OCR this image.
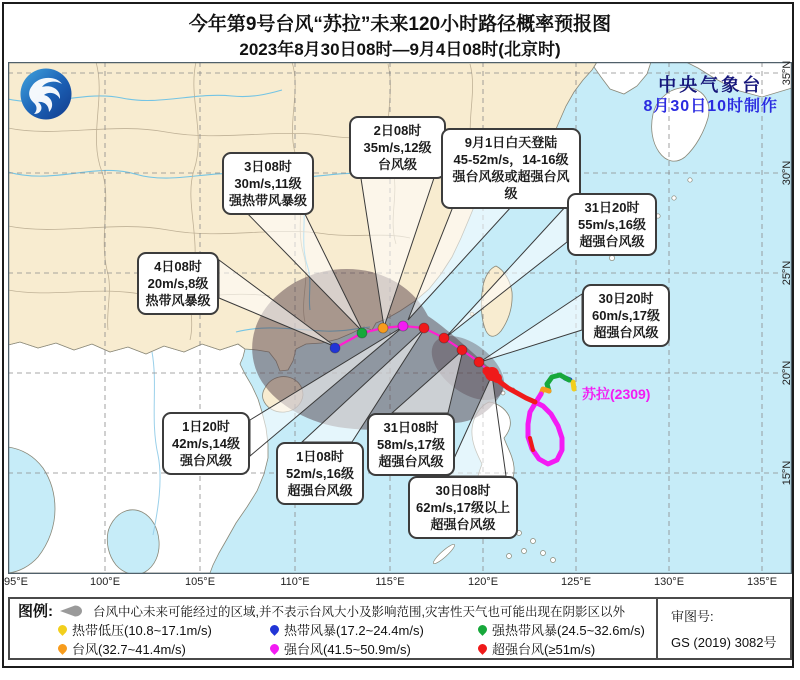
今年第9号台风“苏拉”未来120小时路径概率预报图
2023年8月30日08时—9月4日08时(北京时)
中央气象台
8月30日10时制作
苏拉(2309)
2日08时
35m/s,12级
台风级
3日08时
30m/s,11级
强热带风暴级
9月1日白天登陆
45-52m/s，14-16级
强台风级或超强台风级
31日20时
55m/s,16级
超强台风级
30日20时
60m/s,17级
超强台风级
4日08时
20m/s,8级
热带风暴级
1日20时
42m/s,14级
强台风级	1日08时
52m/s,16级
超强台风级
31日08时
58m/s,17级
超强台风级
30日08时
62m/s,17级以上
超强台风级
95°E	100°E	105°E	110°E	115°E	120°E	125°E	130°E	135°E
35°N
30°N
25°N
20°N
15°N
图例:	台风中心未来可能经过的区域,并不表示台风大小及影响范围,灾害性天气也可能出现在阴影区以外
热带低压(10.8~17.1m/s)	热带风暴(17.2~24.4m/s)	强热带风暴(24.5~32.6m/s)
台风(32.7~41.4m/s)	强台风(41.5~50.9m/s)	超强台风(≥51m/s)
审图号:
GS (2019) 3082号
